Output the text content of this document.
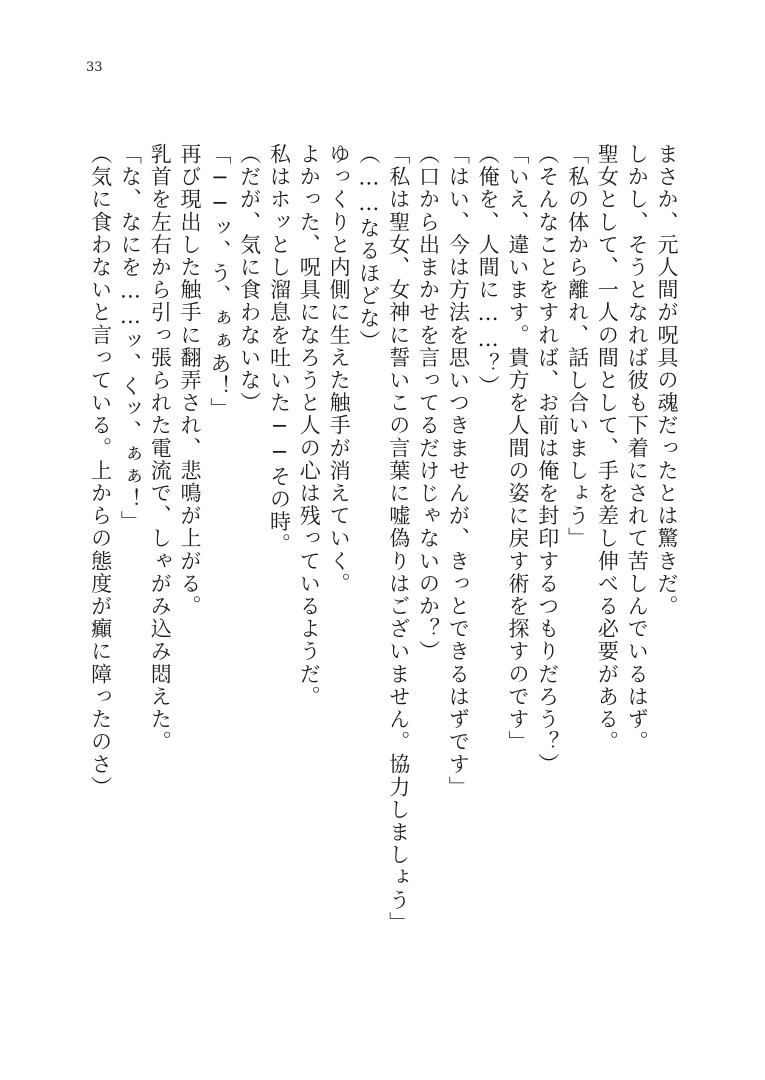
33
まさか、元人間が呪具の魂だったとは驚きだ。
しかし、そうとなれば彼も下着にされて苦しんでいるはず。
聖女として、一人の間として、手を差し伸べる必要がある。
「私の体から離れ、話し合いましょう」
（そんなことをすれば、お前は俺を封印するつもりだろう？）
「いえ、違います。貴方を人間の姿に戻す術を探すのです」
（俺を、人間に……？）
「はい、今は方法を思いつきませんが、きっとできるはずです」
（口から出まかせを言ってるだけじゃないのか？）
「私は聖女、女神に誓いこの言葉に嘘偽りはございません。協力しましょう」
（……なるほどな）
ゆっくりと内側に生えた触手が消えていく。
よかった、呪具になろうと人の心は残っているようだ。
私はホッとし溜息を吐いた──その時。
（だが、気に食わないな）
「──ッ、う、ぁぁあ！」
再び現出した触手に翻弄され、悲鳴が上がる。
乳首を左右から引っ張られた電流で、しゃがみ込み悶えた。
「な、なにを……ッ、くッ、ぁぁ！」
（気に食わないと言っている。上からの態度が癲に障ったのさ）
